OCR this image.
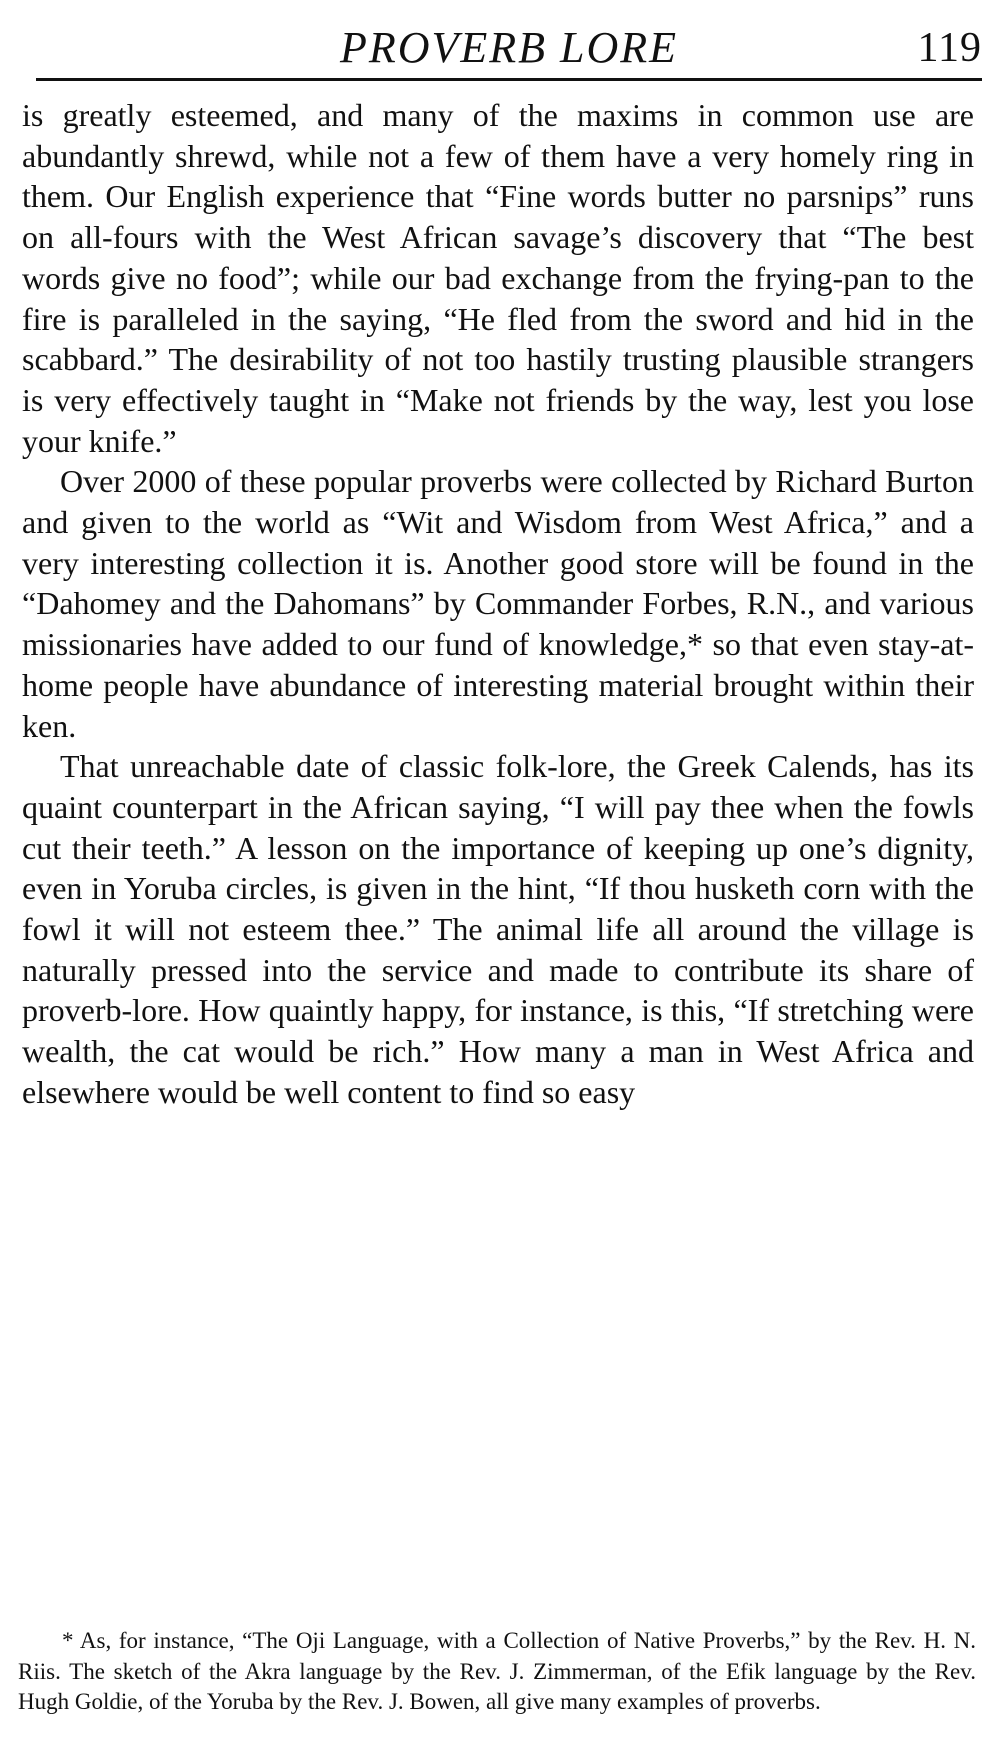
PROVERB LORE	119

is greatly esteemed, and many of the maxims in common use are abundantly shrewd, while not a few of them have a very homely ring in them. Our English experience that “Fine words butter no parsnips” runs on all-fours with the West African savage’s discovery that “The best words give no food”; while our bad exchange from the frying-pan to the fire is paralleled in the saying, “He fled from the sword and hid in the scabbard.” The desirability of not too hastily trusting plausible strangers is very effectively taught in “Make not friends by the way, lest you lose your knife.”

Over 2000 of these popular proverbs were collected by Richard Burton and given to the world as “Wit and Wisdom from West Africa,” and a very interesting collection it is. Another good store will be found in the “Dahomey and the Dahomans” by Commander Forbes, R.N., and various missionaries have added to our fund of knowledge,* so that even stay-at-home people have abundance of interesting material brought within their ken.

That unreachable date of classic folk-lore, the Greek Calends, has its quaint counterpart in the African saying, “I will pay thee when the fowls cut their teeth.” A lesson on the importance of keeping up one’s dignity, even in Yoruba circles, is given in the hint, “If thou husketh corn with the fowl it will not esteem thee.” The animal life all around the village is naturally pressed into the service and made to contribute its share of proverb-lore. How quaintly happy, for instance, is this, “If stretching were wealth, the cat would be rich.” How many a man in West Africa and elsewhere would be well content to find so easy

* As, for instance, “The Oji Language, with a Collection of Native Proverbs,” by the Rev. H. N. Riis. The sketch of the Akra language by the Rev. J. Zimmerman, of the Efik language by the Rev. Hugh Goldie, of the Yoruba by the Rev. J. Bowen, all give many examples of proverbs.
